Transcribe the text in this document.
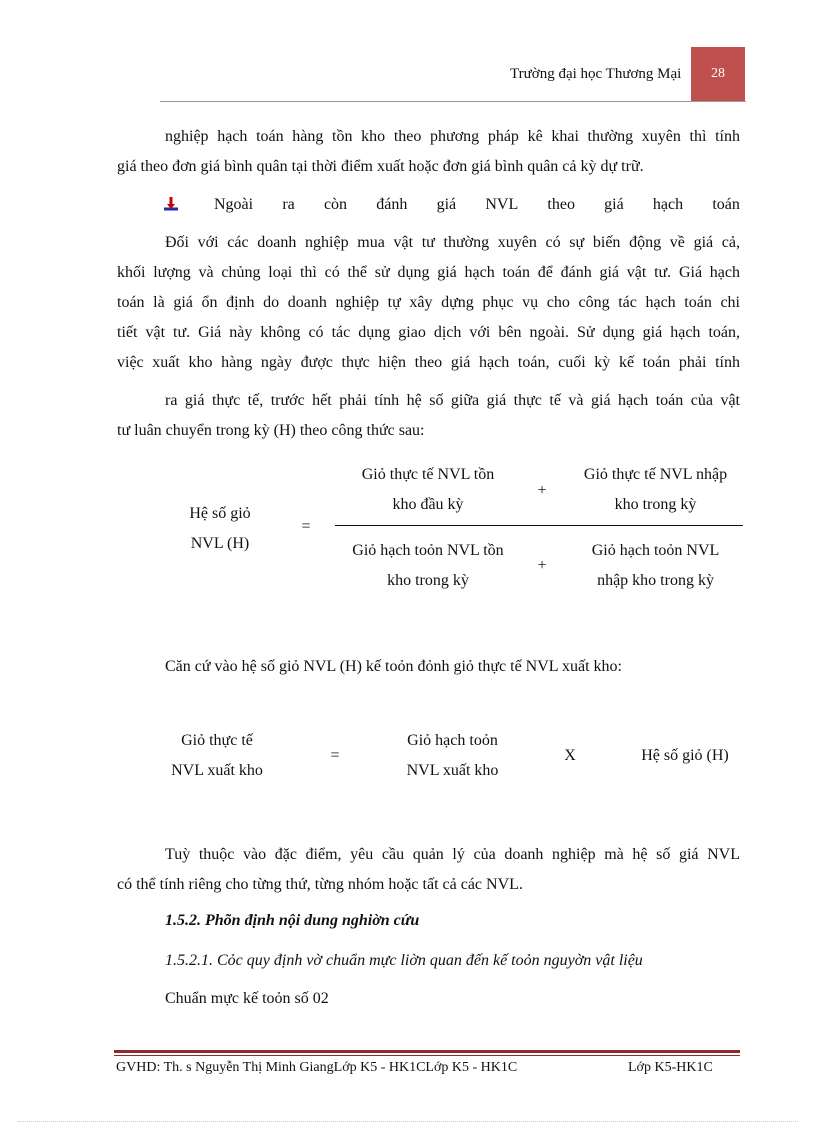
Trường đại học Thương Mại	28
nghiệp hạch toán hàng tồn kho theo phương pháp kê khai thường xuyên thì tính
giá theo đơn giá bình quân tại thời điểm xuất hoặc đơn giá bình quân cả kỳ dự trữ.
Ngoài ra còn đánh giá NVL theo giá hạch toán
Đối với các doanh nghiệp mua vật tư thường xuyên có sự biến động về giá cả,
khối lượng và chủng loại thì có thể sử dụng giá hạch toán để đánh giá vật tư. Giá hạch
toán là giá ổn định do doanh nghiệp tự xây dựng phục vụ cho công tác hạch toán chi
tiết vật tư. Giá này không có tác dụng giao dịch với bên ngoài. Sử dụng giá hạch toán,
việc xuất kho hàng ngày được thực hiện theo giá hạch toán, cuối kỳ kế toán phải tính
ra giá thực tế, trước hết phải tính hệ số giữa giá thực tế và giá hạch toán của vật
tư luân chuyển trong kỳ (H) theo công thức sau:
Hệ số giỏ
NVL (H)
=
Giỏ thực tế NVL tồn
kho đầu kỳ
+
Giỏ thực tế NVL nhập
kho trong kỳ
Giỏ hạch toỏn NVL tồn
kho trong kỳ
+
Giỏ hạch toỏn NVL
nhập kho trong kỳ
Căn cứ vào hệ số giỏ NVL (H) kế toỏn đỏnh giỏ thực tế NVL xuất kho:
Giỏ thực tế
NVL xuất kho
=
Giỏ hạch toỏn
NVL xuất kho
X	Hệ số giỏ (H)
Tuỳ thuộc vào đặc điểm, yêu cầu quản lý của doanh nghiệp mà hệ số giá NVL
có thể tính riêng cho từng thứ, từng nhóm hoặc tất cả các NVL.
1.5.2. Phõn định nội dung nghiờn cứu
1.5.2.1. Cỏc quy định vờ chuẩn mực liờn quan đến kế toỏn nguyờn vật liệu
Chuẩn mực kế toỏn số 02
GVHD: Th. s Nguyễn Thị Minh GiangLớp K5 - HK1CLớp K5 - HK1C	Lớp K5-HK1C
